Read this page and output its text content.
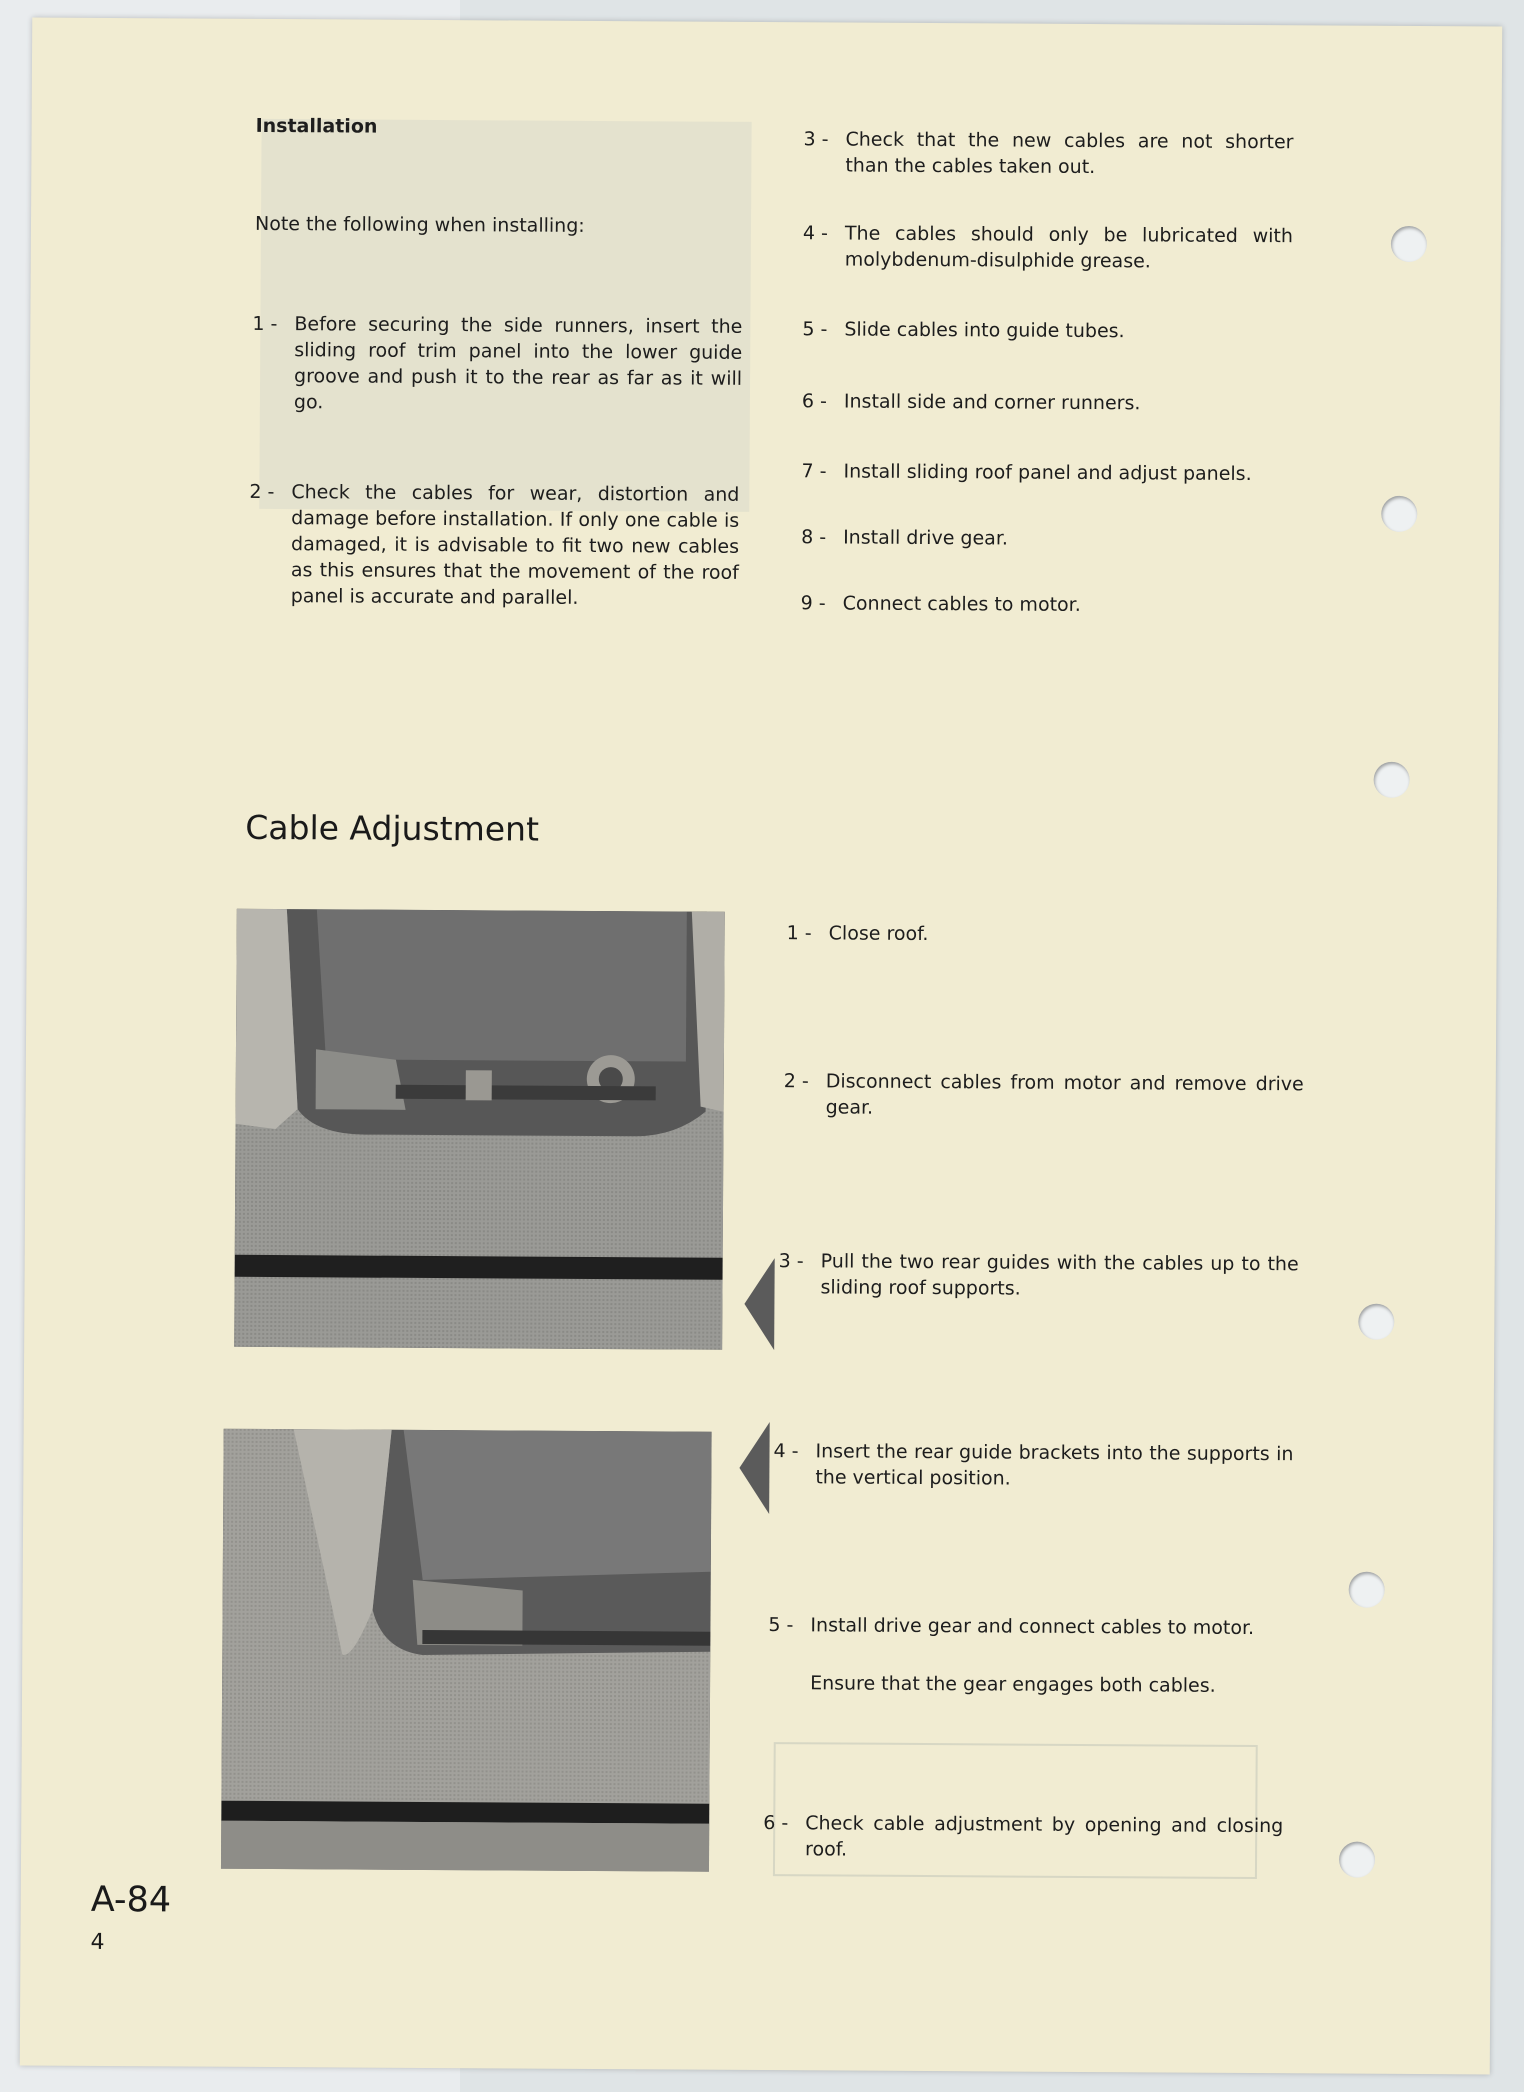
Installation
Note the following when installing:
1 - Before securing the side runners, insert the sliding roof trim panel into the lower guide groove and push it to the rear as far as it will go.
2 - Check the cables for wear, distortion and damage before installation. If only one cable is damaged, it is advisable to fit two new cables as this ensures that the movement of the roof panel is accurate and parallel.
3 - Check that the new cables are not shorter than the cables taken out.
4 - The cables should only be lubricated with molybdenum-disulphide grease.
5 - Slide cables into guide tubes.
6 - Install side and corner runners.
7 - Install sliding roof panel and adjust panels.
8 - Install drive gear.
9 - Connect cables to motor.
Cable Adjustment
1 - Close roof.
2 - Disconnect cables from motor and remove drive gear.
3 - Pull the two rear guides with the cables up to the sliding roof supports.
4 - Insert the rear guide brackets into the supports in the vertical position.
5 - Install drive gear and connect cables to motor.
Ensure that the gear engages both cables.
6 - Check cable adjustment by opening and closing roof.
A-84
4
